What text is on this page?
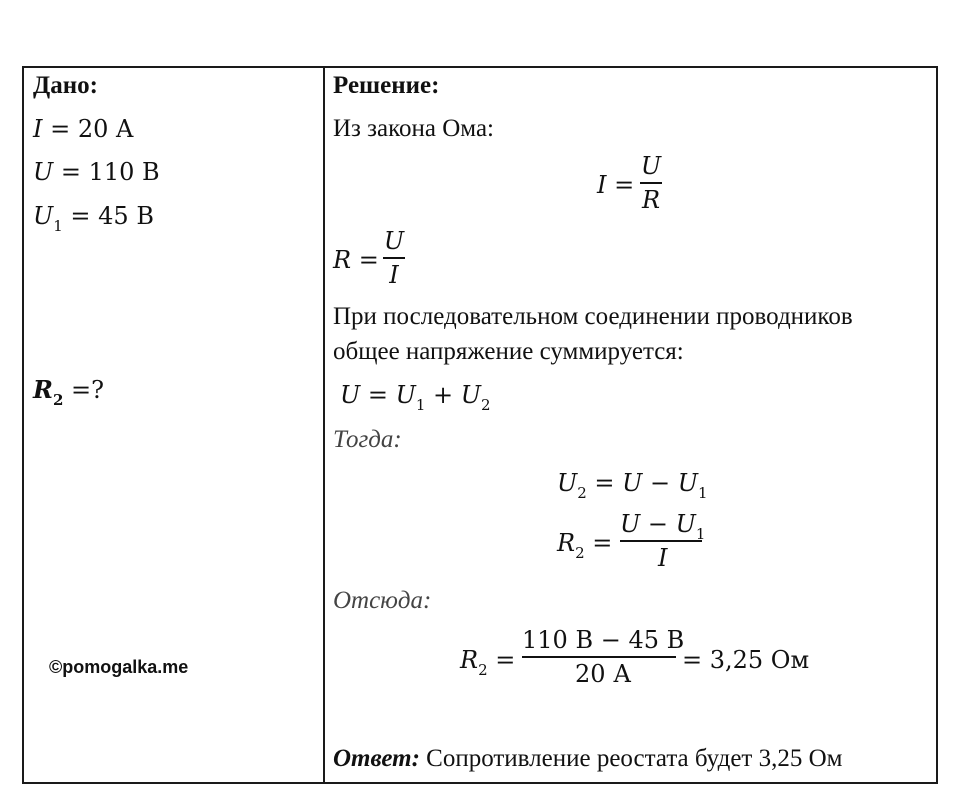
Дано:
I = 20 A
U = 110 В
$U_1 = 45$ В
$R_2$ =?
©pomogalka.me
Решение:
Из закона Ома:
I =
U
R
R =
U
I
При последовательном соединении проводников
общее напряжение суммируется:
$U = U_1 + U_2$
Тогда:
$U_2 = U - U_1$
$R_2$ =
$U - U_1$
I
Отсюда:
$R_2$ =
110 В − 45 В
20 А
= 3,25 Ом
Ответ: Сопротивление реостата будет 3,25 Ом
